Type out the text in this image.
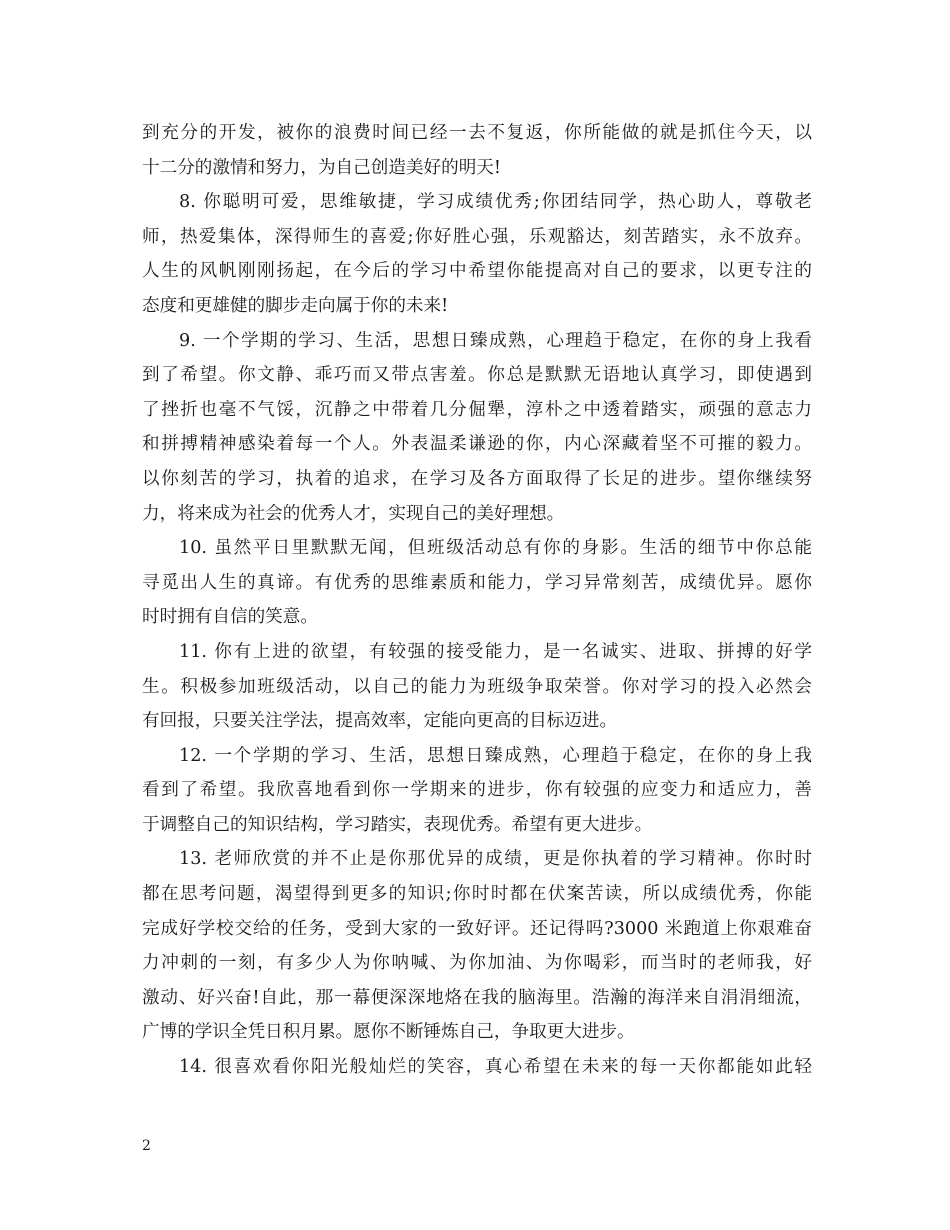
到充分的开发，被你的浪费时间已经一去不复返，你所能做的就是抓住今天，以
十二分的激情和努力，为自己创造美好的明天!
8. 你聪明可爱，思维敏捷，学习成绩优秀;你团结同学，热心助人，尊敬老
师，热爱集体，深得师生的喜爱;你好胜心强，乐观豁达，刻苦踏实，永不放弃。
人生的风帆刚刚扬起，在今后的学习中希望你能提高对自己的要求，以更专注的
态度和更雄健的脚步走向属于你的未来!
9. 一个学期的学习、生活，思想日臻成熟，心理趋于稳定，在你的身上我看
到了希望。你文静、乖巧而又带点害羞。你总是默默无语地认真学习，即使遇到
了挫折也毫不气馁，沉静之中带着几分倔犟，淳朴之中透着踏实，顽强的意志力
和拼搏精神感染着每一个人。外表温柔谦逊的你，内心深藏着坚不可摧的毅力。
以你刻苦的学习，执着的追求，在学习及各方面取得了长足的进步。望你继续努
力，将来成为社会的优秀人才，实现自己的美好理想。
10. 虽然平日里默默无闻，但班级活动总有你的身影。生活的细节中你总能
寻觅出人生的真谛。有优秀的思维素质和能力，学习异常刻苦，成绩优异。愿你
时时拥有自信的笑意。
11. 你有上进的欲望，有较强的接受能力，是一名诚实、进取、拼搏的好学
生。积极参加班级活动，以自己的能力为班级争取荣誉。你对学习的投入必然会
有回报，只要关注学法，提高效率，定能向更高的目标迈进。
12. 一个学期的学习、生活，思想日臻成熟，心理趋于稳定，在你的身上我
看到了希望。我欣喜地看到你一学期来的进步，你有较强的应变力和适应力，善
于调整自己的知识结构，学习踏实，表现优秀。希望有更大进步。
13. 老师欣赏的并不止是你那优异的成绩，更是你执着的学习精神。你时时
都在思考问题，渴望得到更多的知识;你时时都在伏案苦读，所以成绩优秀，你能
完成好学校交给的任务，受到大家的一致好评。还记得吗?3000 米跑道上你艰难奋
力冲刺的一刻，有多少人为你呐喊、为你加油、为你喝彩，而当时的老师我，好
激动、好兴奋!自此，那一幕便深深地烙在我的脑海里。浩瀚的海洋来自涓涓细流，
广博的学识全凭日积月累。愿你不断锤炼自己，争取更大进步。
14. 很喜欢看你阳光般灿烂的笑容，真心希望在未来的每一天你都能如此轻
2
